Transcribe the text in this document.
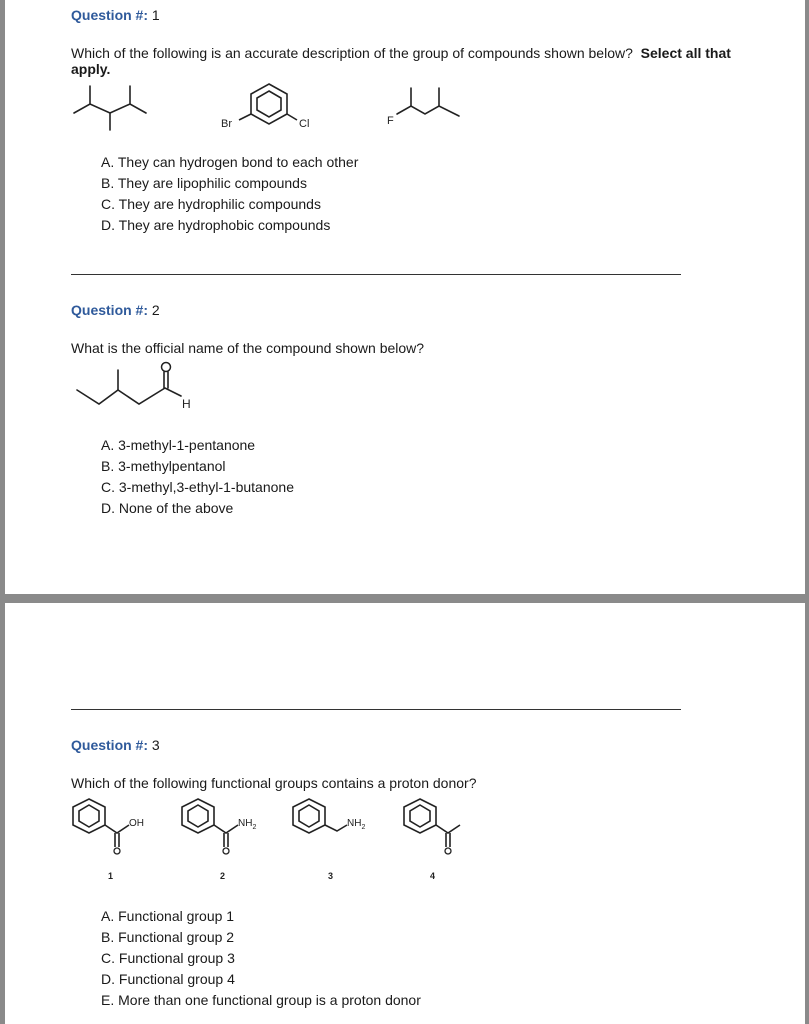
Question #: 1
Which of the following is an accurate description of the group of compounds shown below? Select all that apply.
Br	Cl	F
A. They can hydrogen bond to each other
B. They are lipophilic compounds
C. They are hydrophilic compounds
D. They are hydrophobic compounds
Question #: 2
What is the official name of the compound shown below?
H
A. 3-methyl-1-pentanone
B. 3-methylpentanol
C. 3-methyl,3-ethyl-1-butanone
D. None of the above
Question #: 3
Which of the following functional groups contains a proton donor?
OH
1
$NH_2$
2
$NH_2$
3	4
A. Functional group 1
B. Functional group 2
C. Functional group 3
D. Functional group 4
E. More than one functional group is a proton donor
